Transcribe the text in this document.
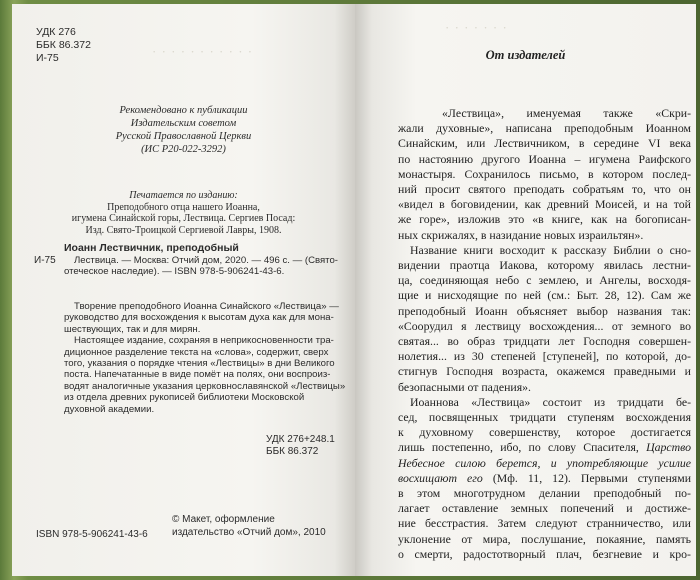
· · · · · · · · · · ·
УДК 276
ББК 86.372
И-75
Рекомендовано к публикации
Издательским советом
Русской Православной Церкви
(ИС Р20-022-3292)
Печатается по изданию:
Преподобного отца нашего Иоанна,
игумена Синайской горы, Лествица. Сергиев Посад:
Изд. Свято-Троицкой Сергиевой Лавры, 1908.
Иоанн Лествичник, преподобный
И-75	Лествица. — Москва: Отчий дом, 2020. — 496 с. — (Свято-
отеческое наследие). — ISBN 978-5-906241-43-6.
Творение преподобного Иоанна Синайского «Лествица» —
руководство для восхождения к высотам духа как для мона-
шествующих, так и для мирян.
Настоящее издание, сохраняя в неприкосновенности тра-
диционное разделение текста на «слова», содержит, сверх
того, указания о порядке чтения «Лествицы» в дни Великого
поста. Напечатанные в виде помёт на полях, они воспроиз-
водят аналогичные указания церковнославянской «Лествицы»
из отдела древних рукописей библиотеки Московской
духовной академии.
УДК 276+248.1
ББК 86.372
ISBN 978-5-906241-43-6
© Макет, оформление
издательство «Отчий дом», 2010
· · · · · · ·
От издателей
«Лествица», именуемая также «Скри-
жали духовные», написана преподобным Иоанном
Синайским, или Лествичником, в середине VI века
по настоянию другого Иоанна – игумена Раифского
монастыря. Сохранилось письмо, в котором послед-
ний просит святого преподать собратьям то, что он
«видел в боговидении, как древний Моисей, и на той
же горе», изложив это «в книге, как на богописан-
ных скрижалях, в назидание новых израильтян».
Название книги восходит к рассказу Библии о сно-
видении праотца Иакова, которому явилась лестни-
ца, соединяющая небо с землею, и Ангелы, восходя-
щие и нисходящие по ней (см.: Быт. 28, 12). Сам же
преподобный Иоанн объясняет выбор названия так:
«Соорудил я лествицу восхождения... от земного во
святая... во образ тридцати лет Господня совершен-
нолетия... из 30 степеней [ступеней], по которой, до-
стигнув Господня возраста, окажемся праведными и
безопасными от падения».
Иоаннова «Лествица» состоит из тридцати бе-
сед, посвященных тридцати ступеням восхождения
к духовному совершенству, которое достигается
лишь постепенно, ибо, по слову Спасителя, Царство
Небесное силою берется, и употребляющие усилие
восхищают его (Мф. 11, 12). Первыми ступенями
в этом многотрудном делании преподобный по-
лагает оставление земных попечений и достиже-
ние бесстрастия. Затем следуют странничество, или
уклонение от мира, послушание, покаяние, память
о смерти, радостотворный плач, безгневие и кро-
